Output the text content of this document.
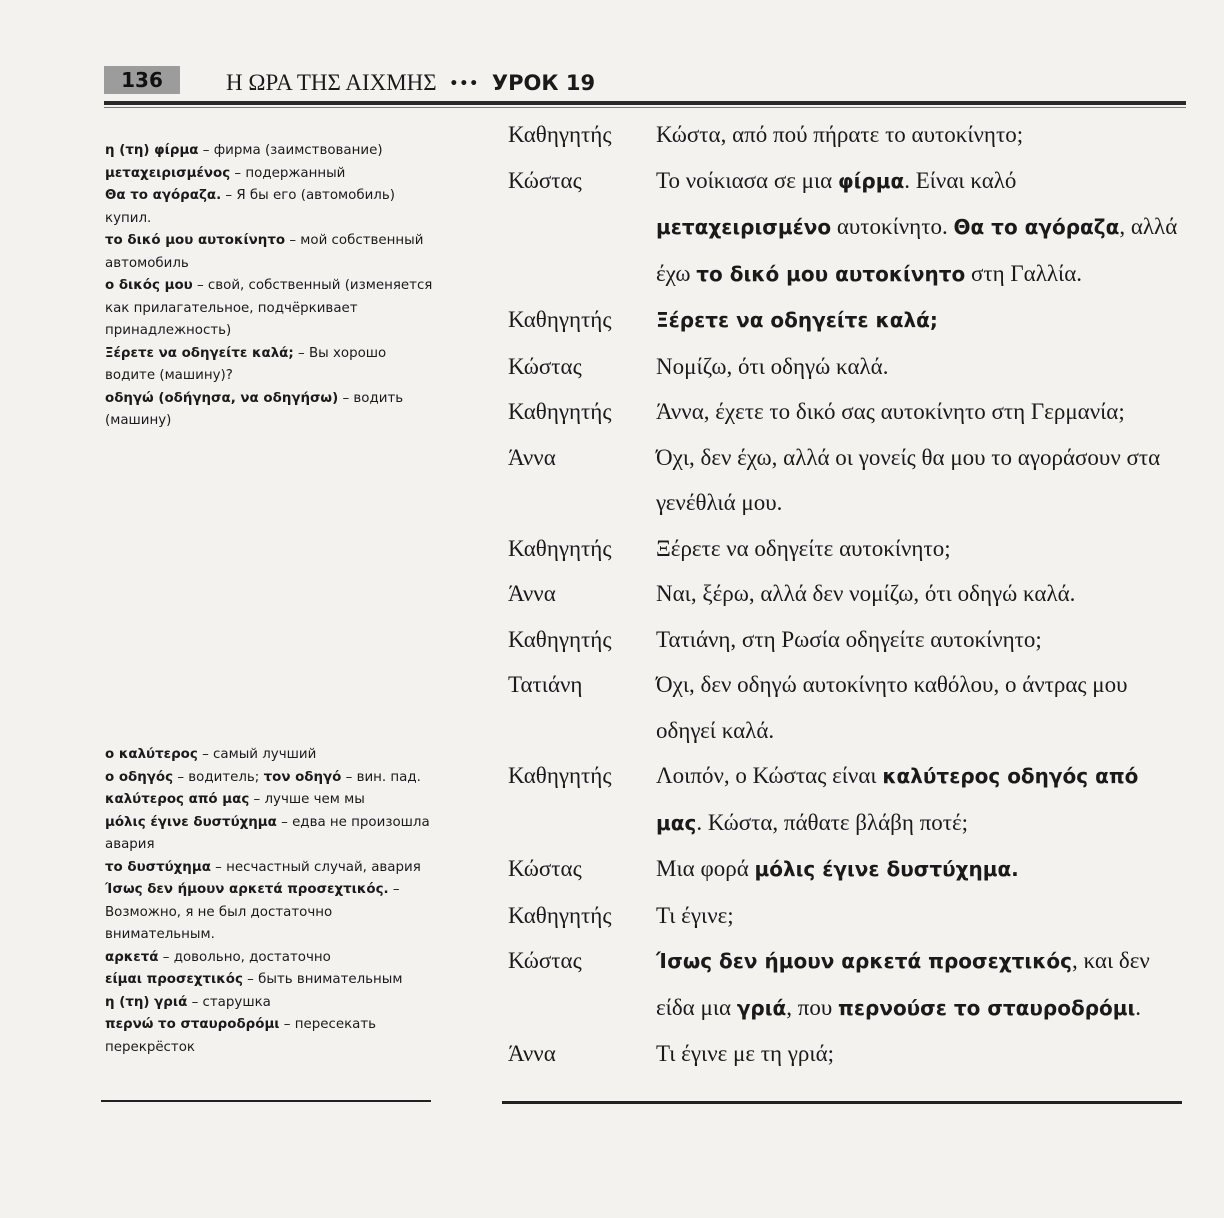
136	Η ΩΡΑ ΤΗΣ ΑΙΧΜΗΣ ••• УРОК 19
η (τη) φίρμα – фирма (заимствование)
μεταχειρισμένος – подержанный
Θα το αγόραζα. – Я бы его (автомобиль) купил.
το δικό μου αυτοκίνητο – мой собственный автомобиль
ο δικός μου – свой, собственный (изменяется как прилагательное, подчёркивает принадлежность)
Ξέρετε να οδηγείτε καλά; – Вы хорошо водите (машину)?
οδηγώ (οδήγησα, να οδηγήσω) – водить (машину)
ο καλύτερος – самый лучший
ο οδηγός – водитель; τον οδηγό – вин. пад.
καλύτερος από μας – лучше чем мы
μόλις έγινε δυστύχημα – едва не произошла авария
το δυστύχημα – несчастный случай, авария
Ίσως δεν ήμουν αρκετά προσεχτικός. – Возможно, я не был достаточно внимательным.
αρκετά – довольно, достаточно
είμαι προσεχτικός – быть внимательным
η (τη) γριά – старушка
περνώ το σταυροδρόμι – пересекать перекрёсток
Καθηγητής	Κώστα, από πού πήρατε το αυτοκίνητο;
Κώστας	Το νοίκιασα σε μια φίρμα. Είναι καλό μεταχειρισμένο αυτοκίνητο. Θα το αγόραζα, αλλά έχω το δικό μου αυτοκίνητο στη Γαλλία.
Καθηγητής	Ξέρετε να οδηγείτε καλά;
Κώστας	Νομίζω, ότι οδηγώ καλά.
Καθηγητής	Άννα, έχετε το δικό σας αυτοκίνητο στη Γερμανία;
Άννα	Όχι, δεν έχω, αλλά οι γονείς θα μου το αγοράσουν στα γενέθλιά μου.
Καθηγητής	Ξέρετε να οδηγείτε αυτοκίνητο;
Άννα	Ναι, ξέρω, αλλά δεν νομίζω, ότι οδηγώ καλά.
Καθηγητής	Τατιάνη, στη Ρωσία οδηγείτε αυτοκίνητο;
Τατιάνη	Όχι, δεν οδηγώ αυτοκίνητο καθόλου, ο άντρας μου οδηγεί καλά.
Καθηγητής	Λοιπόν, ο Κώστας είναι καλύτερος οδηγός από μας. Κώστα, πάθατε βλάβη ποτέ;
Κώστας	Μια φορά μόλις έγινε δυστύχημα.
Καθηγητής	Τι έγινε;
Κώστας	Ίσως δεν ήμουν αρκετά προσεχτικός, και δεν είδα μια γριά, που περνούσε το σταυροδρόμι.
Άννα	Τι έγινε με τη γριά;
